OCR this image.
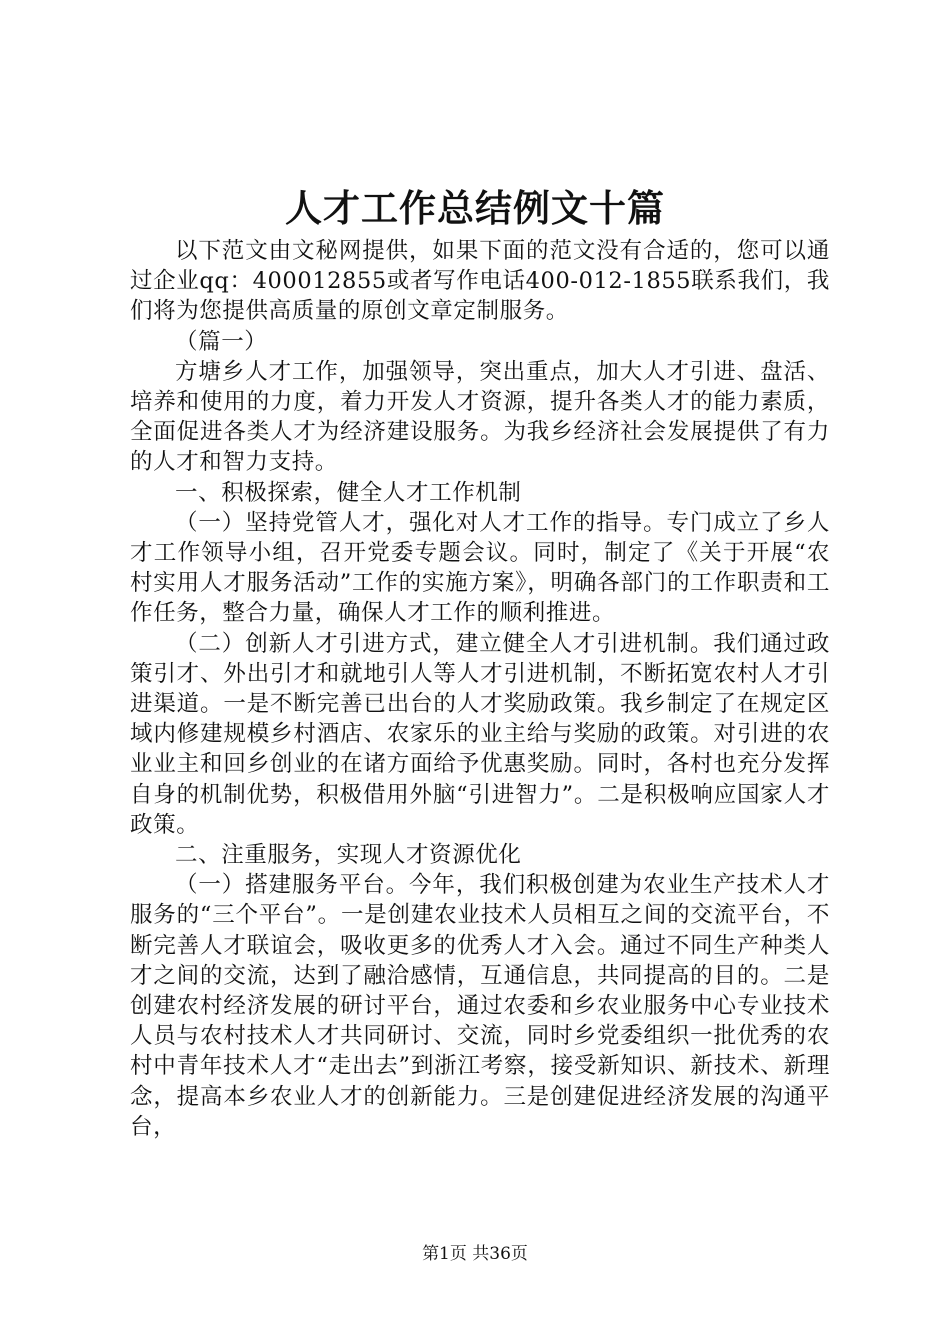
人才工作总结例文十篇

以下范文由文秘网提供，如果下面的范文没有合适的，您可以通过企业qq：400012855或者写作电话400-012-1855联系我们，我们将为您提供高质量的原创文章定制服务。

（篇一）

方塘乡人才工作，加强领导，突出重点，加大人才引进、盘活、培养和使用的力度，着力开发人才资源，提升各类人才的能力素质，全面促进各类人才为经济建设服务。为我乡经济社会发展提供了有力的人才和智力支持。

一、积极探索，健全人才工作机制

（一）坚持党管人才，强化对人才工作的指导。专门成立了乡人才工作领导小组，召开党委专题会议。同时，制定了《关于开展“农村实用人才服务活动”工作的实施方案》，明确各部门的工作职责和工作任务，整合力量，确保人才工作的顺利推进。

（二）创新人才引进方式，建立健全人才引进机制。我们通过政策引才、外出引才和就地引人等人才引进机制，不断拓宽农村人才引进渠道。一是不断完善已出台的人才奖励政策。我乡制定了在规定区域内修建规模乡村酒店、农家乐的业主给与奖励的政策。对引进的农业业主和回乡创业的在诸方面给予优惠奖励。同时，各村也充分发挥自身的机制优势，积极借用外脑“引进智力”。二是积极响应国家人才政策。

二、注重服务，实现人才资源优化

（一）搭建服务平台。今年，我们积极创建为农业生产技术人才服务的“三个平台”。一是创建农业技术人员相互之间的交流平台，不断完善人才联谊会，吸收更多的优秀人才入会。通过不同生产种类人才之间的交流，达到了融洽感情，互通信息，共同提高的目的。二是创建农村经济发展的研讨平台，通过农委和乡农业服务中心专业技术人员与农村技术人才共同研讨、交流，同时乡党委组织一批优秀的农村中青年技术人才“走出去”到浙江考察，接受新知识、新技术、新理念，提高本乡农业人才的创新能力。三是创建促进经济发展的沟通平台，

第1页 共36页
